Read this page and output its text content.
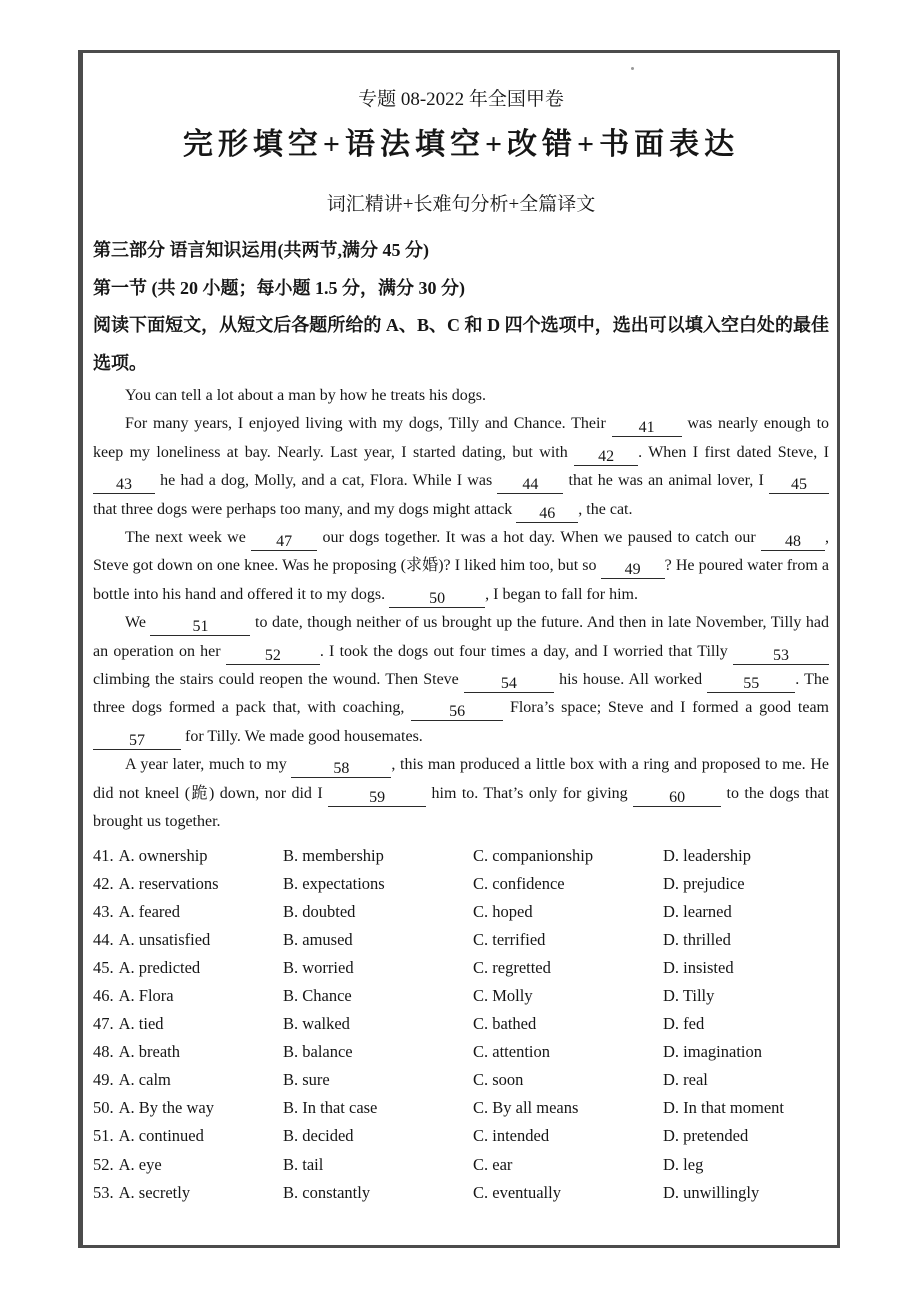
专题 08-2022 年全国甲卷

完形填空+语法填空+改错+书面表达

词汇精讲+长难句分析+全篇译文

第三部分 语言知识运用(共两节,满分 45 分)
第一节 (共 20 小题；每小题 1.5 分，满分 30 分)
阅读下面短文，从短文后各题所给的 A、B、C 和 D 四个选项中，选出可以填入空白处的最佳选项。

You can tell a lot about a man by how he treats his dogs.

For many years, I enjoyed living with my dogs, Tilly and Chance. Their 41 was nearly enough to keep my loneliness at bay. Nearly. Last year, I started dating, but with 42 . When I first dated Steve, I 43 he had a dog, Molly, and a cat, Flora. While I was 44 that he was an animal lover, I 45 that three dogs were perhaps too many, and my dogs might attack 46 , the cat.

The next week we 47 our dogs together. It was a hot day. When we paused to catch our 48 , Steve got down on one knee. Was he proposing (求婚)? I liked him too, but so 49 ? He poured water from a bottle into his hand and offered it to my dogs.	50	, I began to fall for him.

We	51	to date, though neither of us brought up the future. And then in late November, Tilly had an operation on her 52 . I took the dogs out four times a day, and I worried that Tilly	53 climbing the stairs could reopen the wound. Then Steve 54 his house. All worked 55 . The three dogs formed a pack that, with coaching, 56 Flora’s space; Steve and I formed a good team 57 for Tilly. We made good housemates.

A year later, much to my	58	, this man produced a little box with a ring and proposed to me. He did not kneel (跪) down, nor did I	59	him to. That’s only for giving 60 to the dogs that brought us together.

41. A. ownership	B. membership	C. companionship	D. leadership
42. A. reservations	B. expectations	C. confidence	D. prejudice
43. A. feared	B. doubted	C. hoped	D. learned
44. A. unsatisfied	B. amused	C. terrified	D. thrilled
45. A. predicted	B. worried	C. regretted	D. insisted
46. A. Flora	B. Chance	C. Molly	D. Tilly
47. A. tied	B. walked	C. bathed	D. fed
48. A. breath	B. balance	C. attention	D. imagination
49. A. calm	B. sure	C. soon	D. real
50. A. By the way	B. In that case	C. By all means	D. In that moment
51. A. continued	B. decided	C. intended	D. pretended
52. A. eye	B. tail	C. ear	D. leg
53. A. secretly	B. constantly	C. eventually	D. unwillingly
